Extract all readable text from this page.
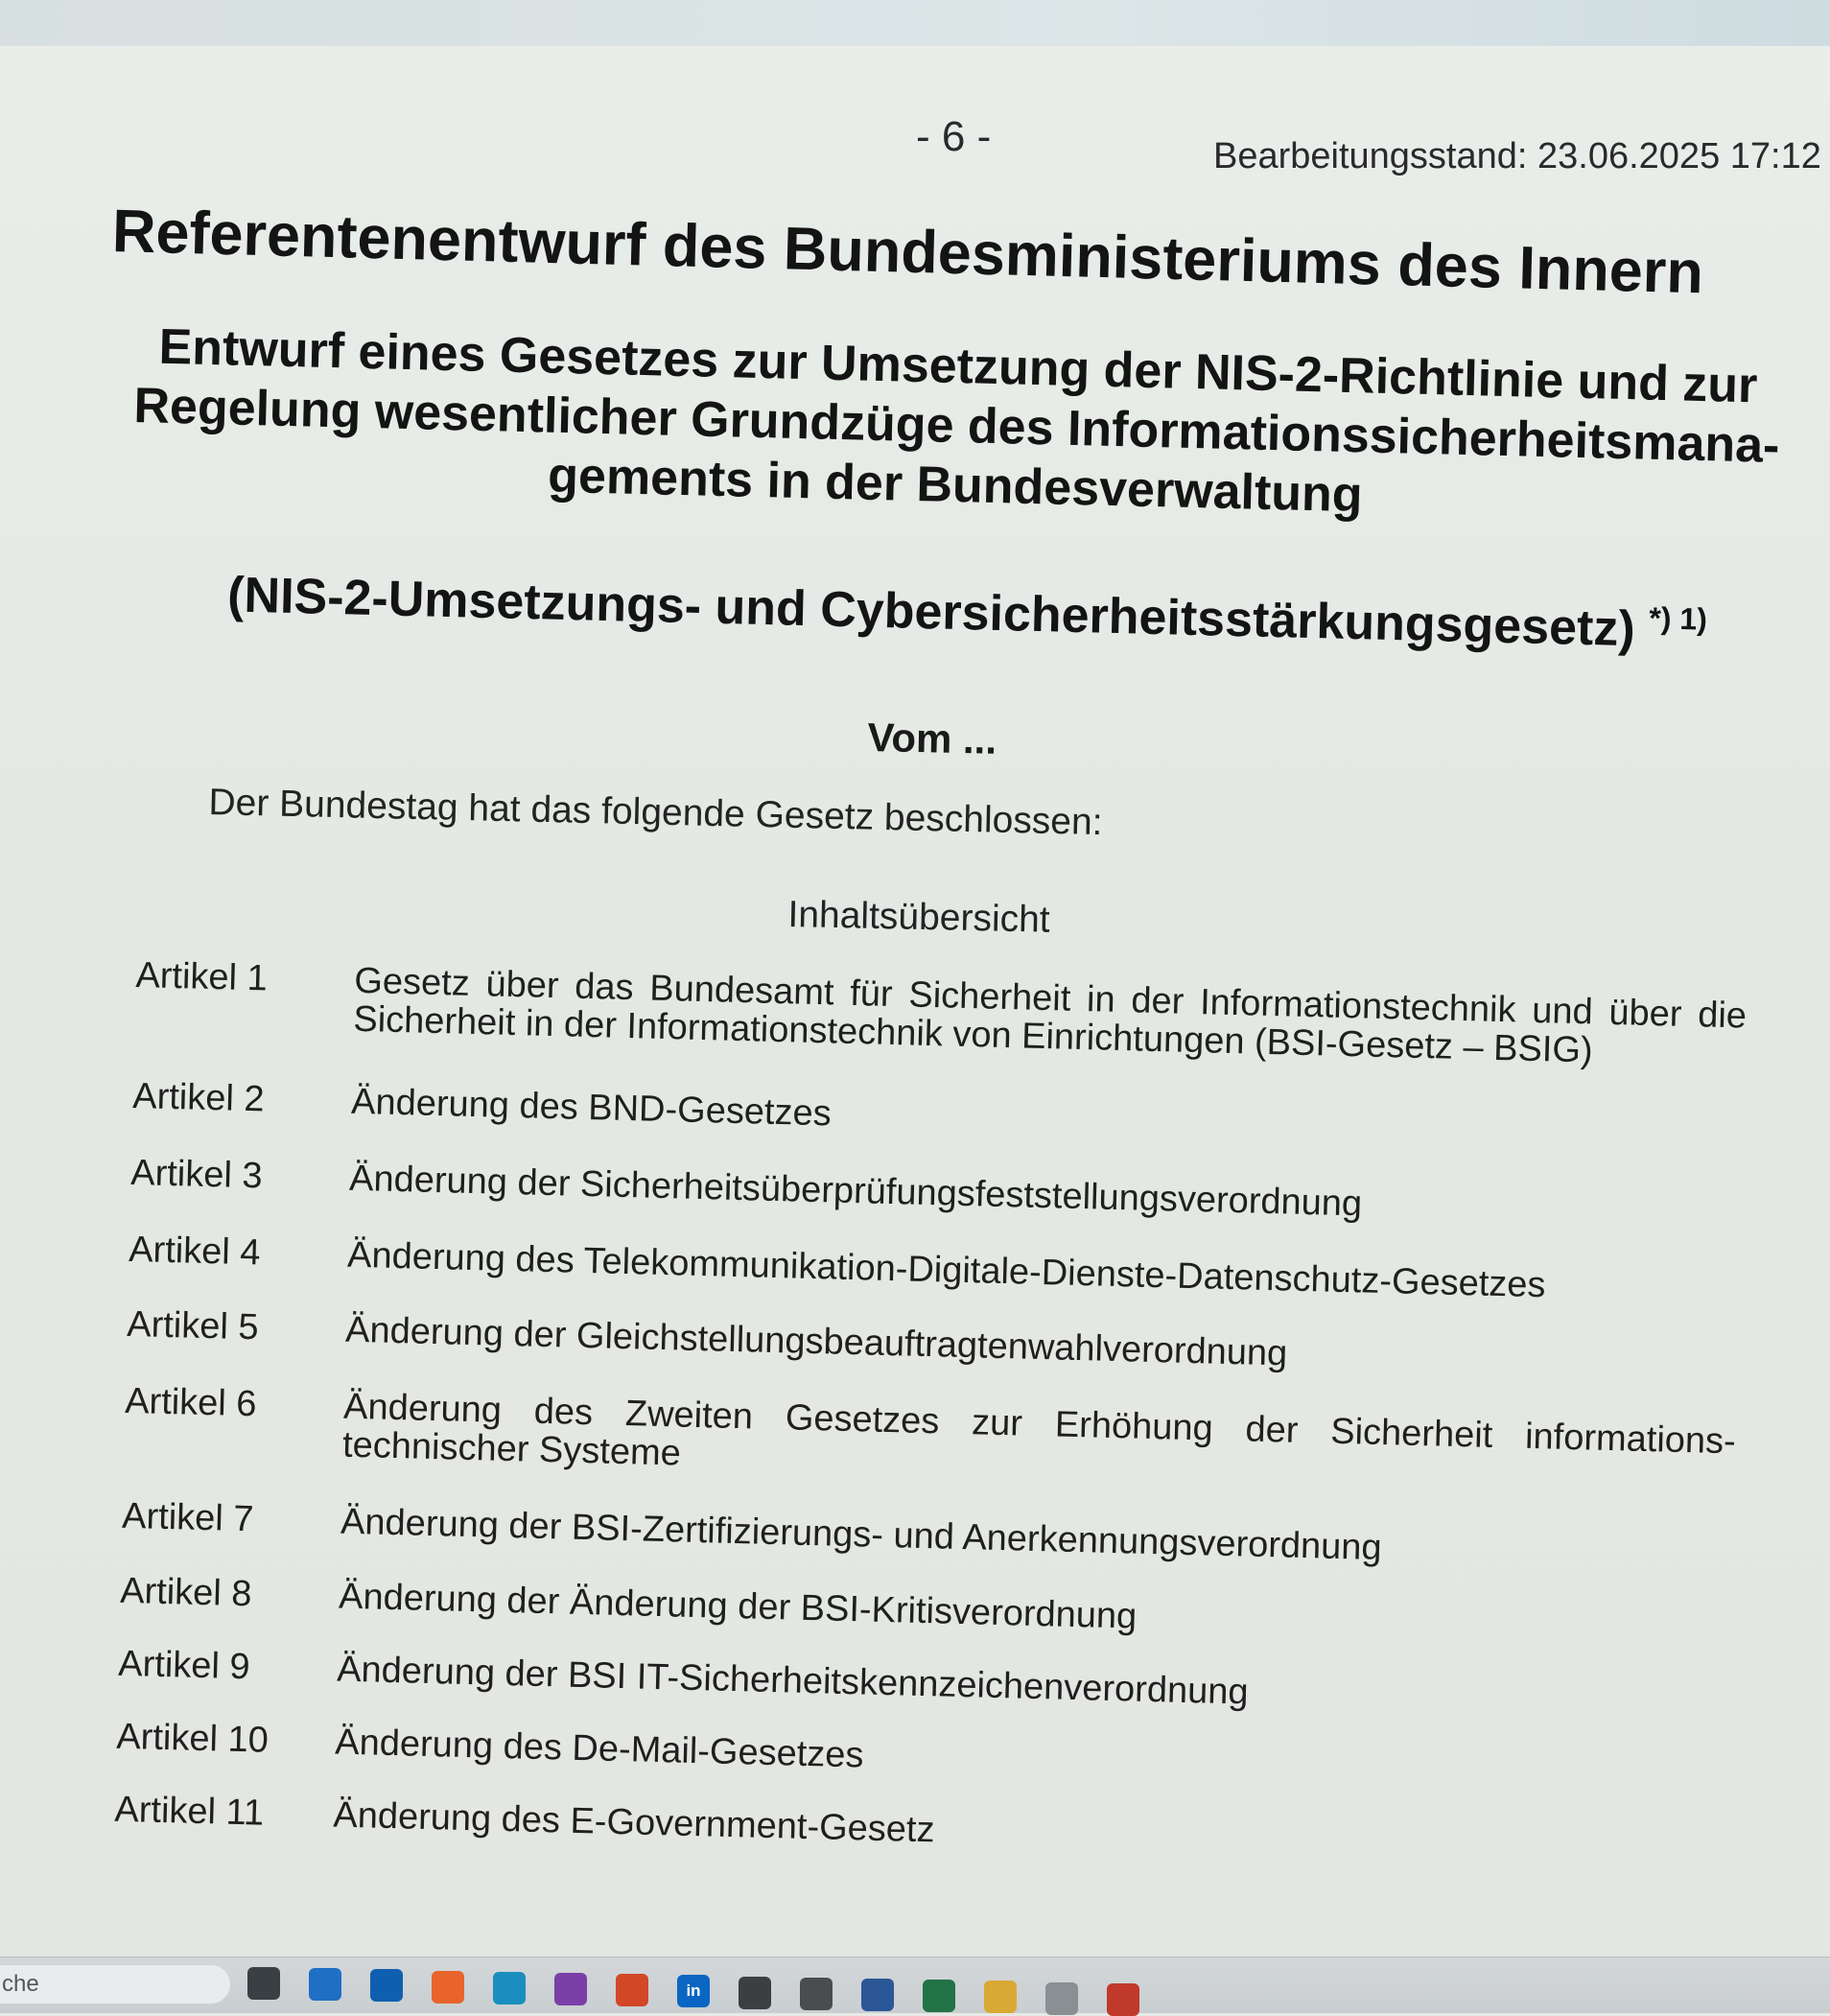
- 6 -	Bearbeitungsstand: 23.06.2025 17:12
Referentenentwurf des Bundesministeriums des Innern
Entwurf eines Gesetzes zur Umsetzung der NIS-2-Richtlinie und zur Regelung wesentlicher Grundzüge des Informationssicherheitsmana- gements in der Bundesverwaltung
(NIS-2-Umsetzungs- und Cybersicherheitsstärkungsgesetz) $^{*) 1)}$
Vom ...
Der Bundestag hat das folgende Gesetz beschlossen:
Inhaltsübersicht
Artikel 1	Gesetz über das Bundesamt für Sicherheit in der Informationstechnik und über die Sicherheit in der Informationstechnik von Einrichtungen (BSI-Gesetz – BSIG)
Artikel 2	Änderung des BND-Gesetzes
Artikel 3	Änderung der Sicherheitsüberprüfungsfeststellungsverordnung
Artikel 4	Änderung des Telekommunikation-Digitale-Dienste-Datenschutz-Gesetzes
Artikel 5	Änderung der Gleichstellungsbeauftragtenwahlverordnung
Artikel 6	Änderung des Zweiten Gesetzes zur Erhöhung der Sicherheit informations- technischer Systeme
Artikel 7	Änderung der BSI-Zertifizierungs- und Anerkennungsverordnung
Artikel 8	Änderung der Änderung der BSI-Kritisverordnung
Artikel 9	Änderung der BSI IT-Sicherheitskennzeichenverordnung
Artikel 10	Änderung des De-Mail-Gesetzes
Artikel 11	Änderung des E-Government-Gesetz
che	in
